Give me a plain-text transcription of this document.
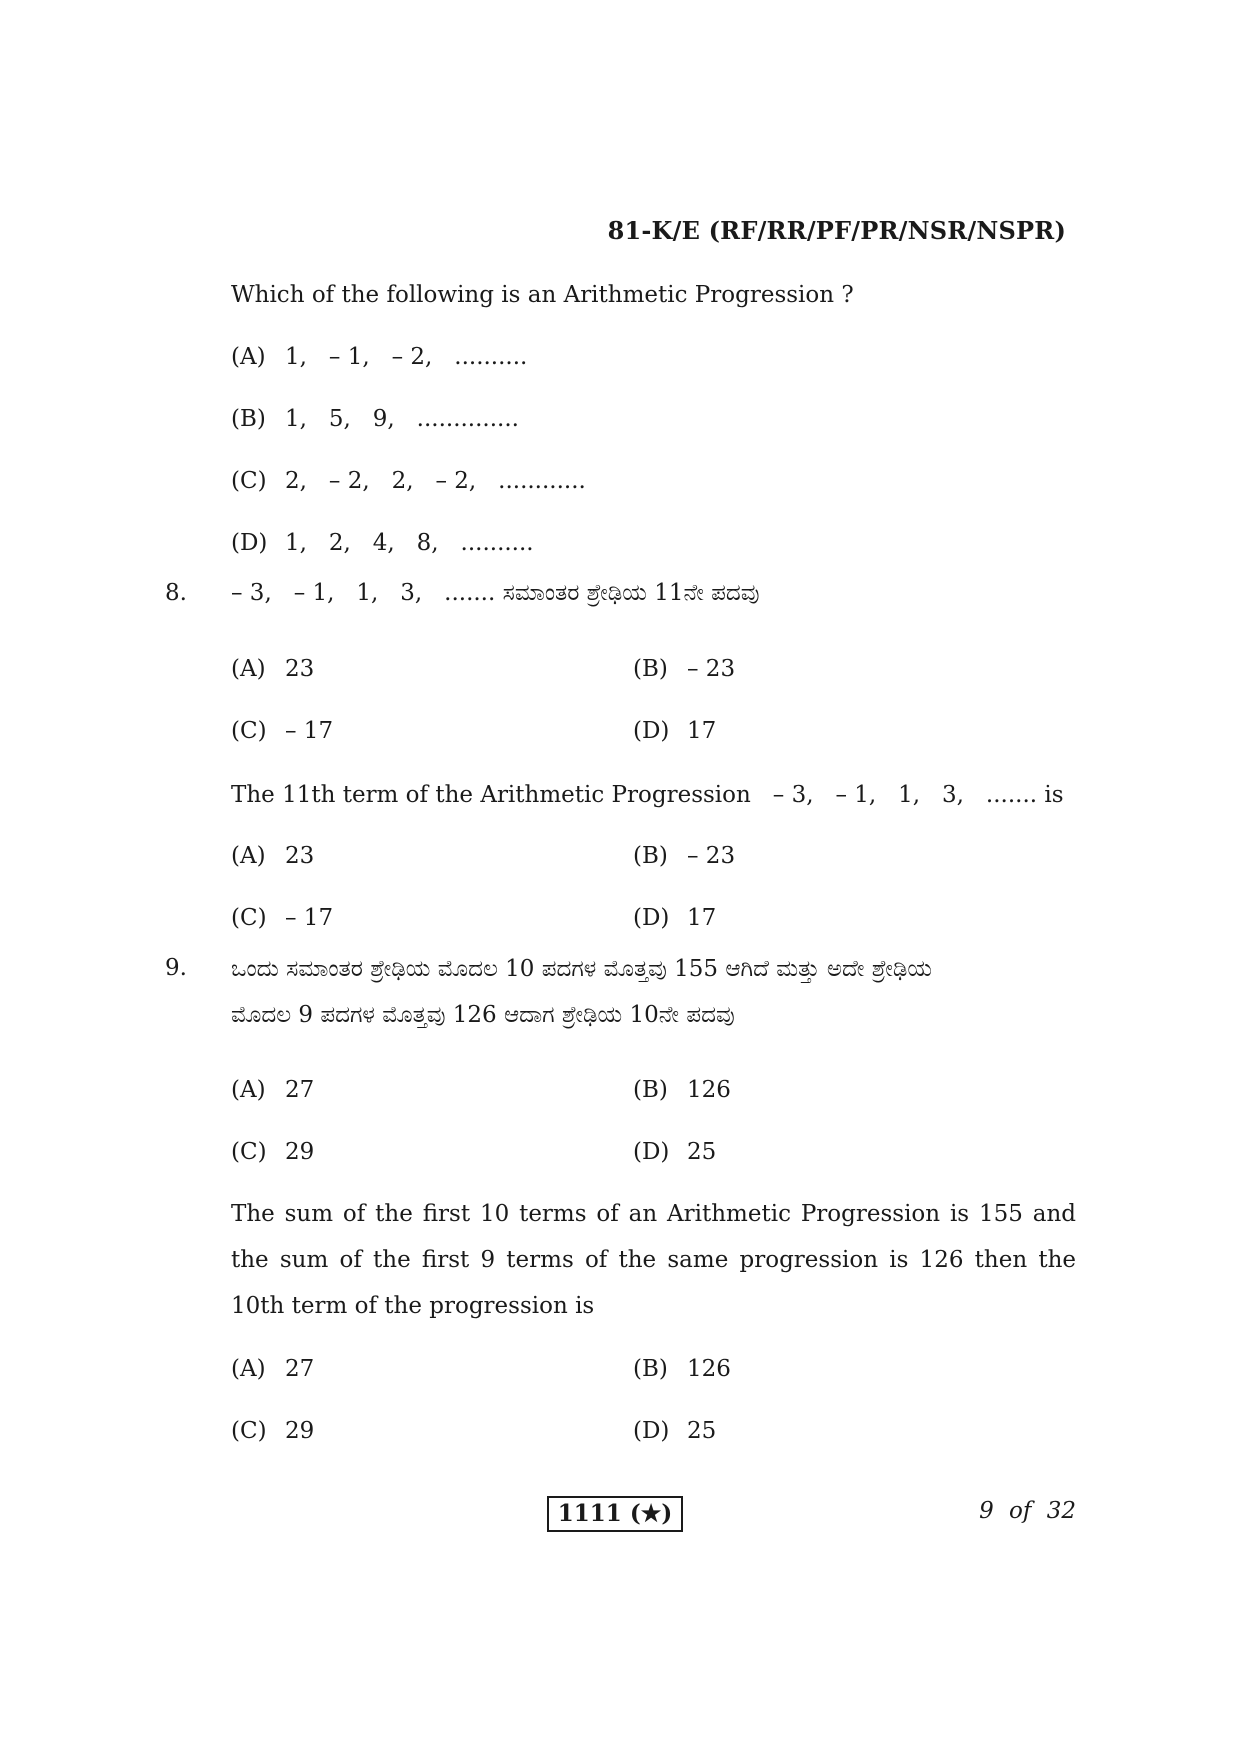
81-K/E (RF/RR/PF/PR/NSR/NSPR)
Which of the following is an Arithmetic Progression ?
(A) 1,   – 1,   – 2,   ..........
(B) 1,   5,   9,   ..............
(C) 2,   – 2,   2,   – 2,   ............
(D) 1,   2,   4,   8,   ..........
8. – 3,   – 1,   1,   3,   ....... ಸಮಾಂತರ ಶ್ರೇಢಿಯ 11ನೇ ಪದವು
(A) 23	(B) – 23
(C) – 17	(D) 17
The 11th term of the Arithmetic Progression   – 3,   – 1,   1,   3,   ....... is
(A) 23	(B) – 23
(C) – 17	(D) 17
9. ಒಂದು ಸಮಾಂತರ ಶ್ರೇಢಿಯ ಮೊದಲ 10 ಪದಗಳ ಮೊತ್ತವು 155 ಆಗಿದೆ ಮತ್ತು ಅದೇ ಶ್ರೇಢಿಯ
ಮೊದಲ 9 ಪದಗಳ ಮೊತ್ತವು 126 ಆದಾಗ ಶ್ರೇಢಿಯ 10ನೇ ಪದವು
(A) 27	(B) 126
(C) 29	(D) 25
The sum of the first 10 terms of an Arithmetic Progression is 155 and the sum of the first 9 terms of the same progression is 126 then the 10th term of the progression is
(A) 27	(B) 126
(C) 29	(D) 25
1111 (★)	9 of 32
